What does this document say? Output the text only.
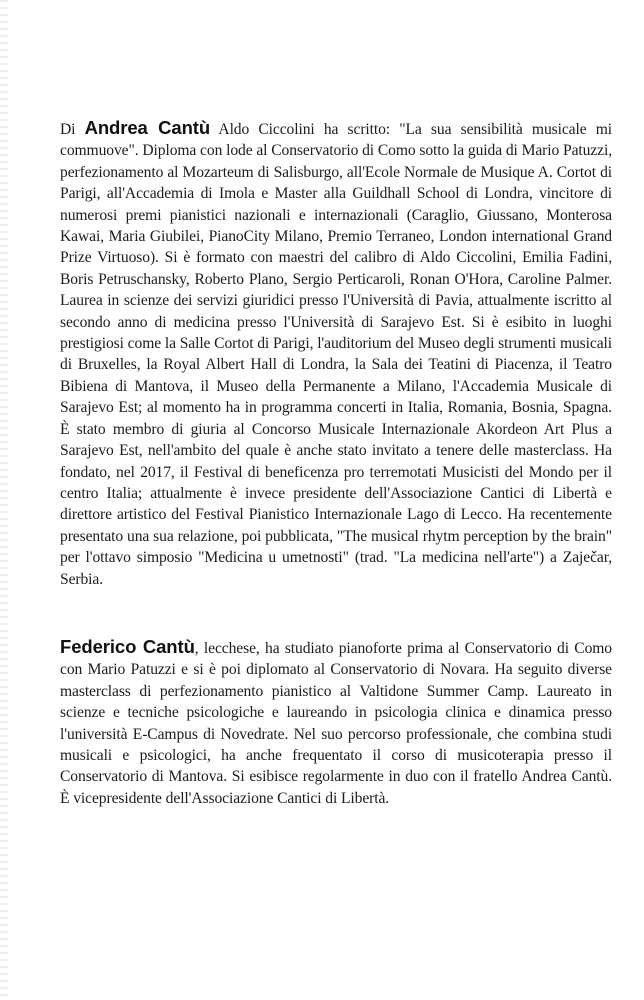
Di Andrea Cantù Aldo Ciccolini ha scritto: "La sua sensibilità musicale mi commuove". Diploma con lode al Conservatorio di Como sotto la guida di Mario Patuzzi, perfezionamento al Mozarteum di Salisburgo, all'Ecole Normale de Musique A. Cortot di Parigi, all'Accademia di Imola e Master alla Guildhall School di Londra, vincitore di numerosi premi pianistici nazionali e internazionali (Caraglio, Giussano, Monterosa Kawai, Maria Giubilei, PianoCity Milano, Premio Terraneo, London international Grand Prize Virtuoso). Si è formato con maestri del calibro di Aldo Ciccolini, Emilia Fadini, Boris Petruschansky, Roberto Plano, Sergio Perticaroli, Ronan O'Hora, Caroline Palmer. Laurea in scienze dei servizi giuridici presso l'Università di Pavia, attualmente iscritto al secondo anno di medicina presso l'Università di Sarajevo Est. Si è esibito in luoghi prestigiosi come la Salle Cortot di Parigi, l'auditorium del Museo degli strumenti musicali di Bruxelles, la Royal Albert Hall di Londra, la Sala dei Teatini di Piacenza, il Teatro Bibiena di Mantova, il Museo della Permanente a Milano, l'Accademia Musicale di Sarajevo Est; al momento ha in programma concerti in Italia, Romania, Bosnia, Spagna. È stato membro di giuria al Concorso Musicale Internazionale Akordeon Art Plus a Sarajevo Est, nell'ambito del quale è anche stato invitato a tenere delle masterclass. Ha fondato, nel 2017, il Festival di beneficenza pro terremotati Musicisti del Mondo per il centro Italia; attualmente è invece presidente dell'Associazione Cantici di Libertà e direttore artistico del Festival Pianistico Internazionale Lago di Lecco. Ha recentemente presentato una sua relazione, poi pubblicata, "The musical rhytm perception by the brain" per l'ottavo simposio "Medicina u umetnosti" (trad. "La medicina nell'arte") a Zaječar, Serbia.

Federico Cantù, lecchese, ha studiato pianoforte prima al Conservatorio di Como con Mario Patuzzi e si è poi diplomato al Conservatorio di Novara. Ha seguito diverse masterclass di perfezionamento pianistico al Valtidone Summer Camp. Laureato in scienze e tecniche psicologiche e laureando in psicologia clinica e dinamica presso l'università E-Campus di Novedrate. Nel suo percorso professionale, che combina studi musicali e psicologici, ha anche frequentato il corso di musicoterapia presso il Conservatorio di Mantova. Si esibisce regolarmente in duo con il fratello Andrea Cantù. È vicepresidente dell'Associazione Cantici di Libertà.
